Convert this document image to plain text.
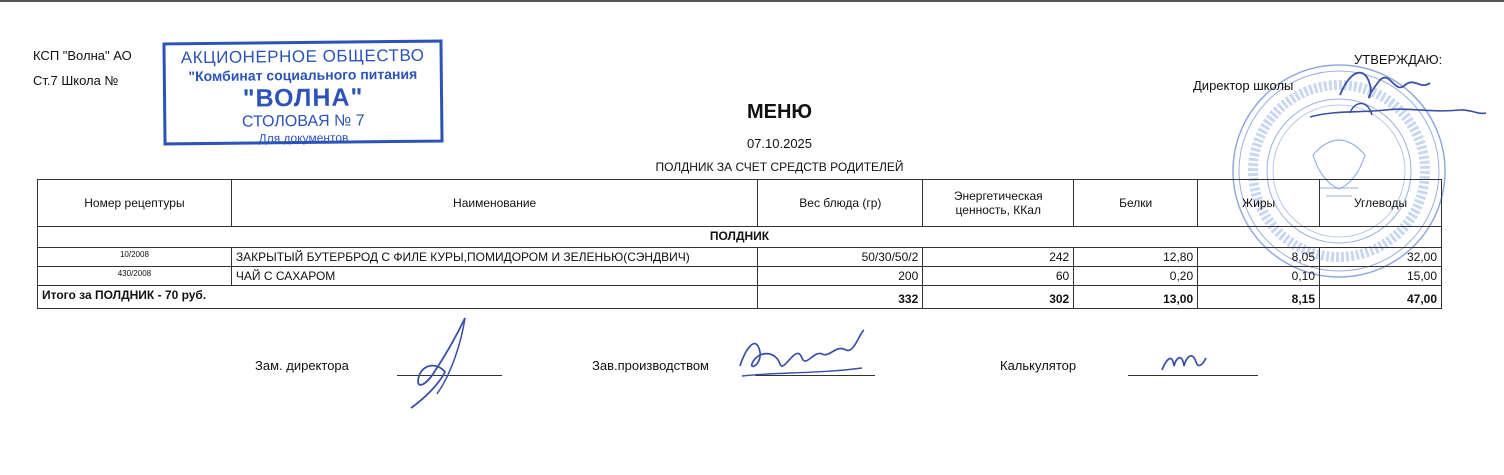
КСП "Волна" АО
Ст.7 Школа №
АКЦИОНЕРНОЕ ОБЩЕСТВО
"Комбинат социального питания
"ВОЛНА"
СТОЛОВАЯ № 7
Для документов
УТВЕРЖДАЮ:
Директор школы
МЕНЮ
07.10.2025
ПОЛДНИК ЗА СЧЕТ СРЕДСТВ РОДИТЕЛЕЙ
Номер рецептуры	Наименование	Вес блюда (гр)	Энергетическая ценность, ККал	Белки	Жиры	Углеводы
ПОЛДНИК						
10/2008	ЗАКРЫТЫЙ БУТЕРБРОД С ФИЛЕ КУРЫ,ПОМИДОРОМ И ЗЕЛЕНЬЮ(СЭНДВИЧ)	50/30/50/2	242	12,80	8,05	32,00
430/2008	ЧАЙ С САХАРОМ	200	60	0,20	0,10	15,00
Итого за ПОЛДНИК - 70 руб.		332	302	13,00	8,15	47,00
Зам. директора	Зав.производством	Калькулятор
